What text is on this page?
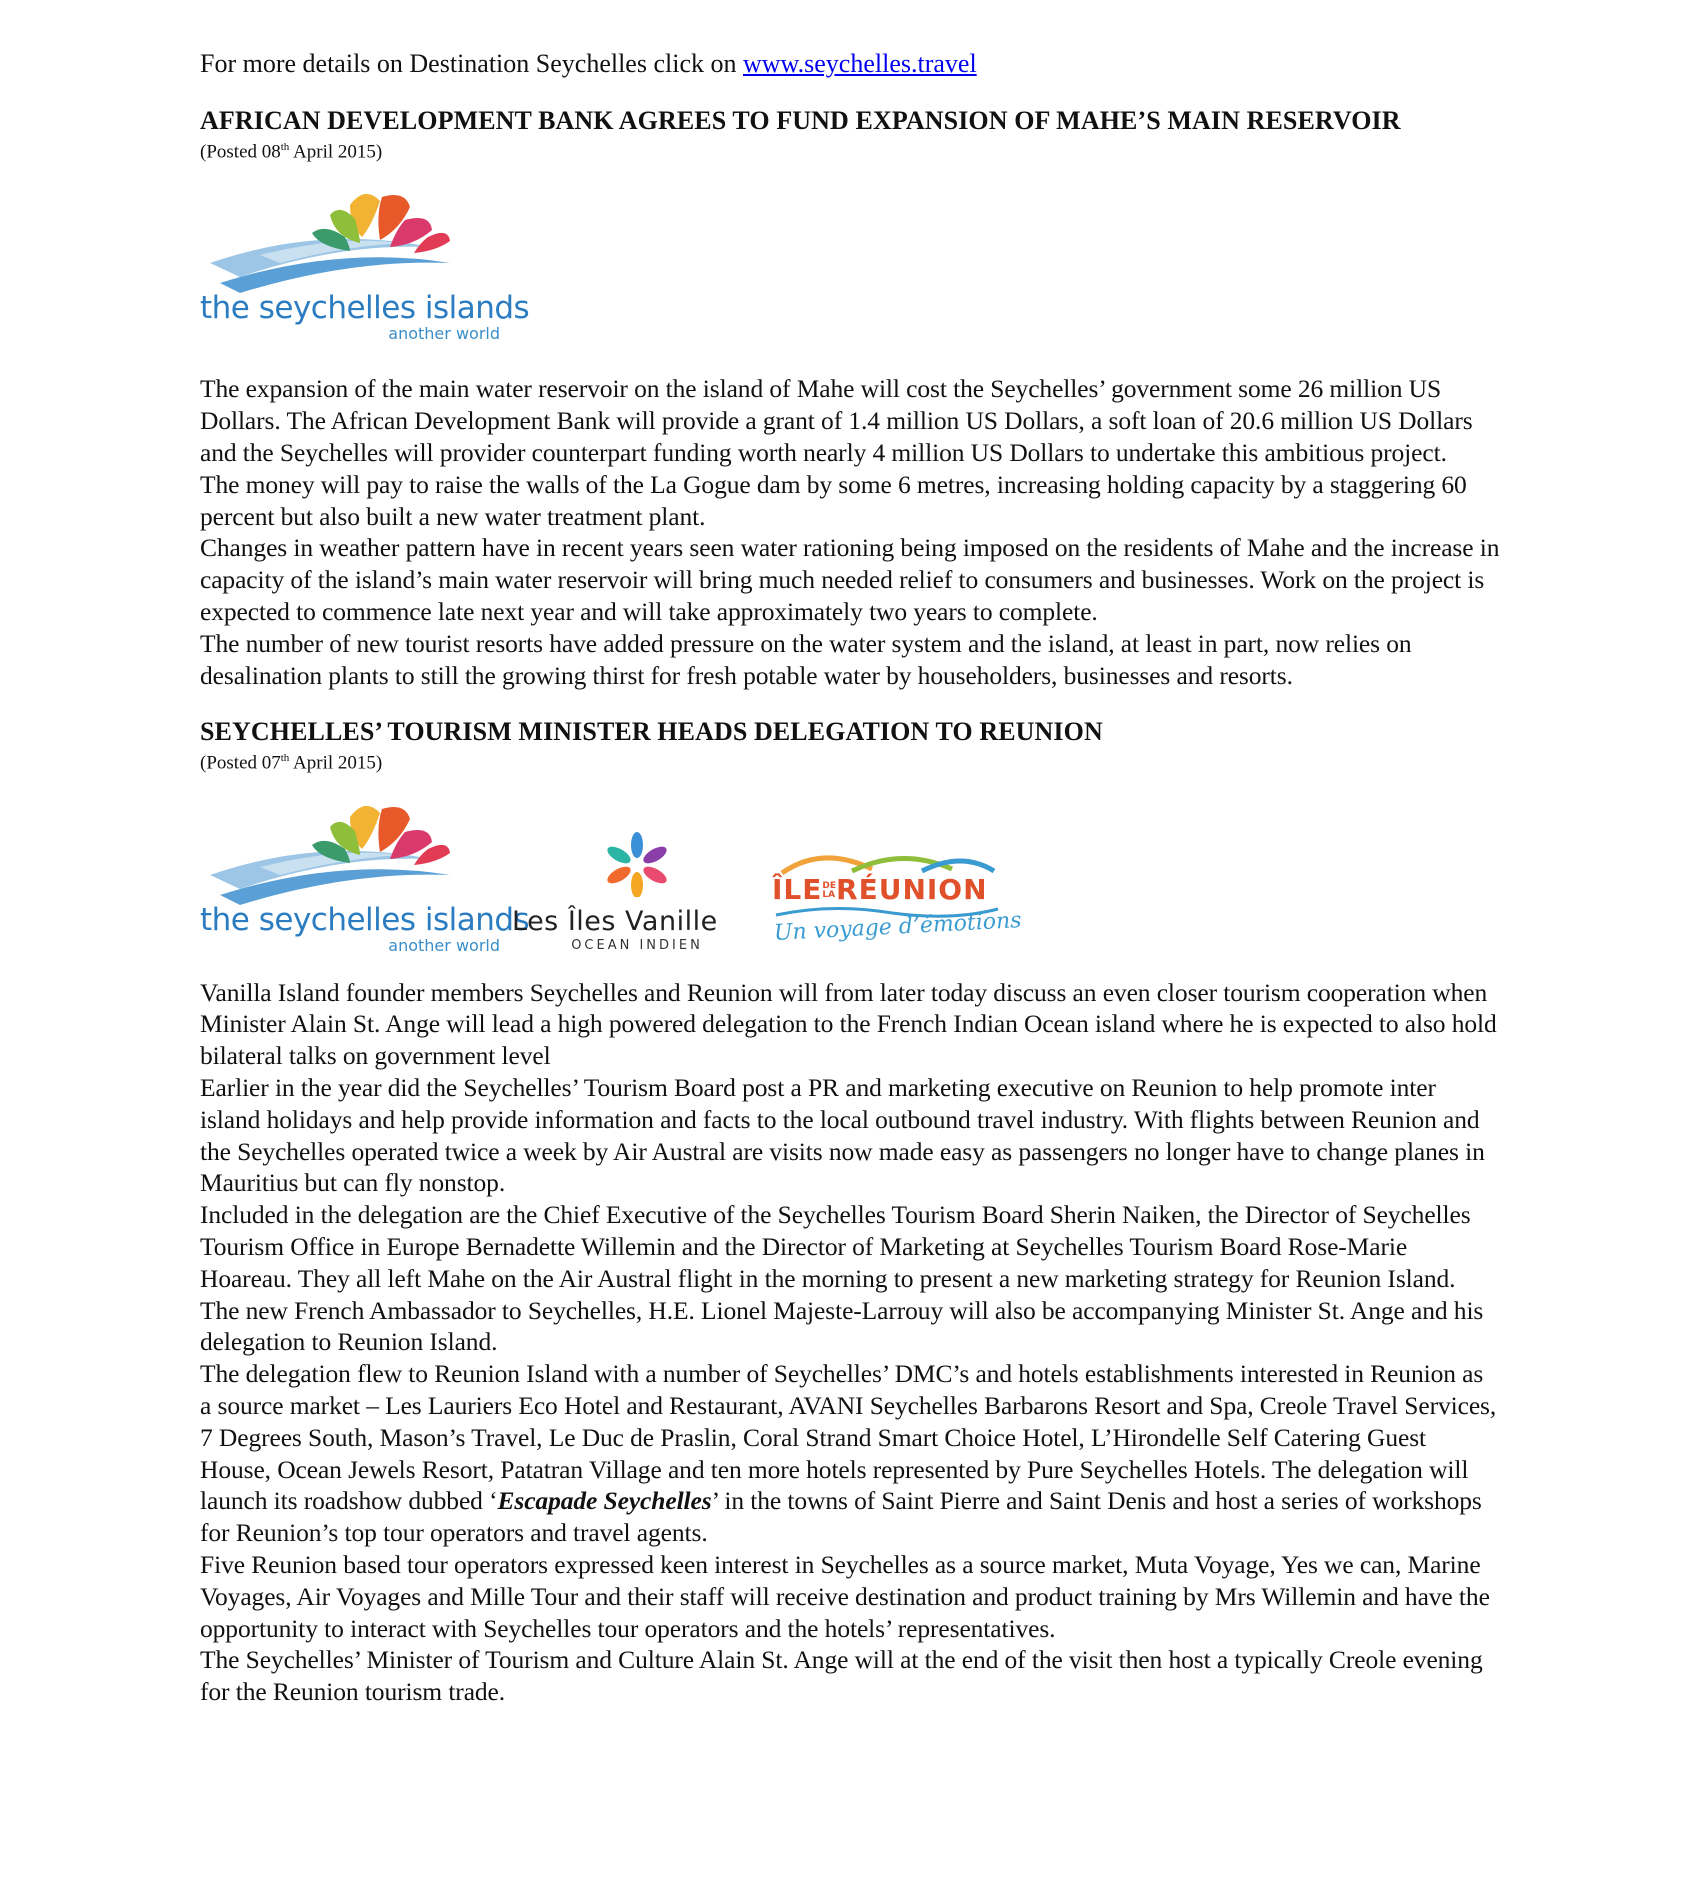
For more details on Destination Seychelles click on www.seychelles.travel

AFRICAN DEVELOPMENT BANK AGREES TO FUND EXPANSION OF MAHE’S MAIN RESERVOIR

(Posted 08th April 2015)

the seychelles islands
another world

The expansion of the main water reservoir on the island of Mahe will cost the Seychelles’ government some 26 million US Dollars. The African Development Bank will provide a grant of 1.4 million US Dollars, a soft loan of 20.6 million US Dollars and the Seychelles will provider counterpart funding worth nearly 4 million US Dollars to undertake this ambitious project.

The money will pay to raise the walls of the La Gogue dam by some 6 metres, increasing holding capacity by a staggering 60 percent but also built a new water treatment plant.

Changes in weather pattern have in recent years seen water rationing being imposed on the residents of Mahe and the increase in capacity of the island’s main water reservoir will bring much needed relief to consumers and businesses. Work on the project is expected to commence late next year and will take approximately two years to complete.

The number of new tourist resorts have added pressure on the water system and the island, at least in part, now relies on desalination plants to still the growing thirst for fresh potable water by householders, businesses and resorts.

SEYCHELLES’ TOURISM MINISTER HEADS DELEGATION TO REUNION

(Posted 07th April 2015)

the seychelles islands
another world
Les Îles Vanille
OCEAN INDIEN
ÎLEDE
LARÉUNION
Un voyage d’émotions

Vanilla Island founder members Seychelles and Reunion will from later today discuss an even closer tourism cooperation when Minister Alain St. Ange will lead a high powered delegation to the French Indian Ocean island where he is expected to also hold bilateral talks on government level

Earlier in the year did the Seychelles’ Tourism Board post a PR and marketing executive on Reunion to help promote inter island holidays and help provide information and facts to the local outbound travel industry. With flights between Reunion and the Seychelles operated twice a week by Air Austral are visits now made easy as passengers no longer have to change planes in Mauritius but can fly nonstop.

Included in the delegation are the Chief Executive of the Seychelles Tourism Board Sherin Naiken, the Director of Seychelles Tourism Office in Europe Bernadette Willemin and the Director of Marketing at Seychelles Tourism Board Rose-Marie Hoareau. They all left Mahe on the Air Austral flight in the morning to present a new marketing strategy for Reunion Island. The new French Ambassador to Seychelles, H.E. Lionel Majeste-Larrouy will also be accompanying Minister St. Ange and his delegation to Reunion Island.

The delegation flew to Reunion Island with a number of Seychelles’ DMC’s and hotels establishments interested in Reunion as a source market – Les Lauriers Eco Hotel and Restaurant, AVANI Seychelles Barbarons Resort and Spa, Creole Travel Services, 7 Degrees South, Mason’s Travel, Le Duc de Praslin, Coral Strand Smart Choice Hotel, L’Hirondelle Self Catering Guest House, Ocean Jewels Resort, Patatran Village and ten more hotels represented by Pure Seychelles Hotels. The delegation will launch its roadshow dubbed ‘Escapade Seychelles’ in the towns of Saint Pierre and Saint Denis and host a series of workshops for Reunion’s top tour operators and travel agents.

Five Reunion based tour operators expressed keen interest in Seychelles as a source market, Muta Voyage, Yes we can, Marine Voyages, Air Voyages and Mille Tour and their staff will receive destination and product training by Mrs Willemin and have the opportunity to interact with Seychelles tour operators and the hotels’ representatives.

The Seychelles’ Minister of Tourism and Culture Alain St. Ange will at the end of the visit then host a typically Creole evening for the Reunion tourism trade.
